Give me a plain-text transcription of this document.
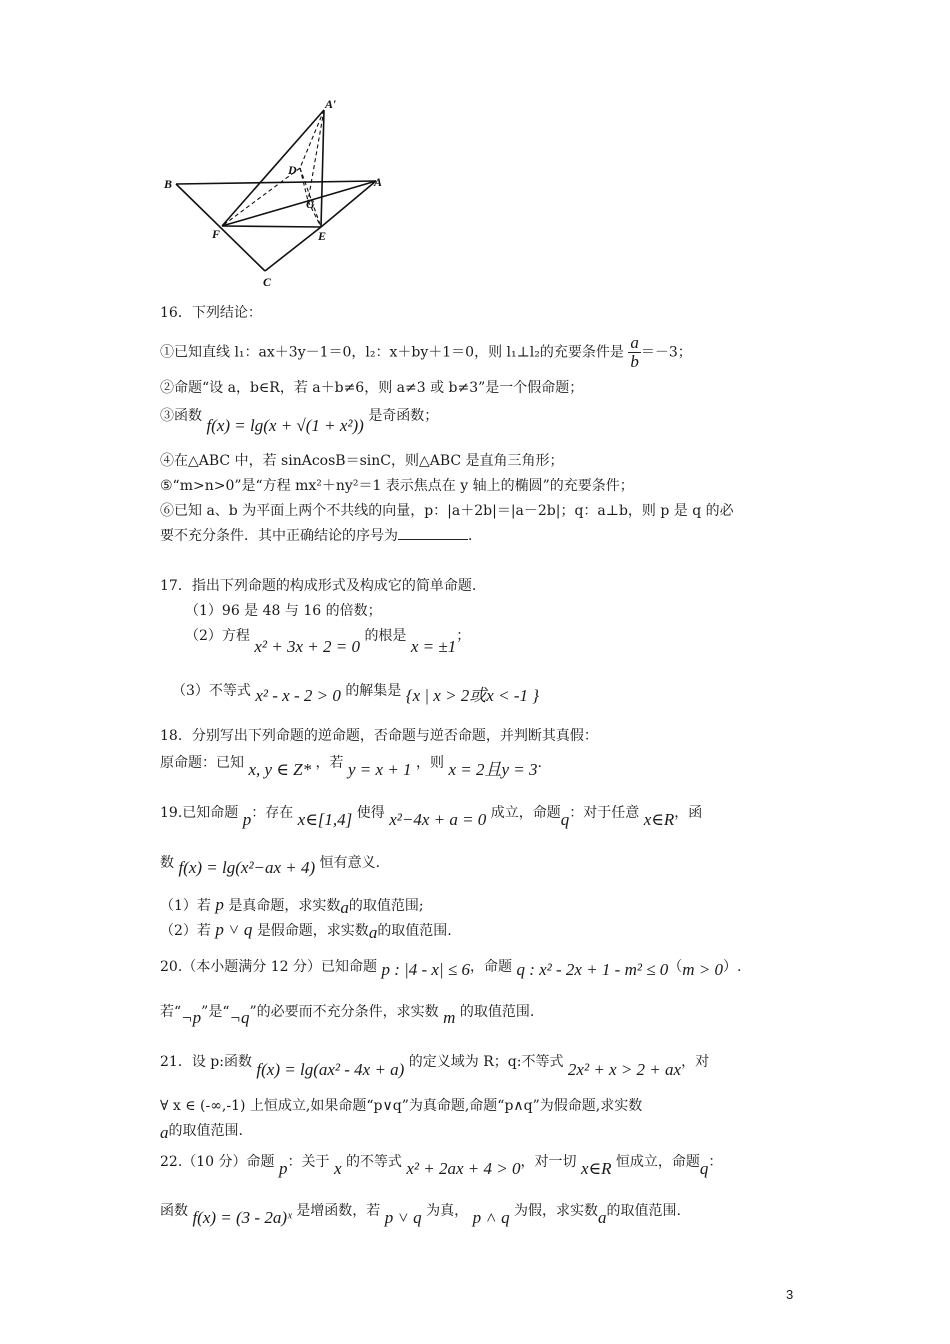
A′
B	A
D
G
F	E
C
16．下列结论：
①已知直线 l₁：ax＋3y－1＝0，l₂：x＋by＋1＝0，则 l₁⊥l₂的充要条件是 $\frac{a}{b} =-3$；
②命题“设 a，b∈R，若 a＋b≠6，则 a≠3 或 b≠3”是一个假命题；
③函数 f(x) = lg(x + √(1 + x²)) 是奇函数；
④在△ABC 中，若 sinAcosB＝sinC，则△ABC 是直角三角形；
⑤“m>n>0”是“方程 mx²＋ny²＝1 表示焦点在 y 轴上的椭圆”的充要条件；
⑥已知 a、b 为平面上两个不共线的向量，p：|a＋2b|＝|a－2b|；q：a⊥b，则 p 是 q 的必
要不充分条件．其中正确结论的序号为	．
17．指出下列命题的构成形式及构成它的简单命题.
（1）96 是 48 与 16 的倍数；
（2）方程 x² + 3x + 2 = 0 的根是 x = ±1；
（3）不等式 x² - x - 2 > 0 的解集是 {x | x > 2或x < -1 }
18．分别写出下列命题的逆命题，否命题与逆否命题，并判断其真假：
原命题：已知 x, y ∈ Z* ，若 y = x + 1 ，则 x = 2且y = 3.
19.已知命题 p：存在 x∈[1,4] 使得 x²−4x + a = 0 成立，命题q：对于任意 x∈R，函
数 f(x) = lg(x²−ax + 4) 恒有意义.
（1）若 p 是真命题，求实数a的取值范围;
（2）若 p ˅ q 是假命题，求实数a的取值范围.
20.（本小题满分 12 分）已知命题 p : |4 - x| ≤ 6，命题 q : x² - 2x + 1 - m² ≤ 0（m > 0）.
若“¬p”是“¬q”的必要而不充分条件，求实数 m 的取值范围.
21．设 p:函数 f(x) = lg(ax² - 4x + a) 的定义域为 R；q:不等式 2x² + x > 2 + ax，对
∀ x ∈ (-∞,-1) 上恒成立,如果命题“p∨q”为真命题,命题“p∧q”为假命题,求实数
a的取值范围.
22.（10 分）命题 p：关于 x 的不等式 x² + 2ax + 4 > 0，对一切 x∈R 恒成立，命题q：
函数 f(x) = (3 - 2a)ˣ 是增函数，若 p ˅ q 为真， p ˄ q 为假，求实数a的取值范围.
3
